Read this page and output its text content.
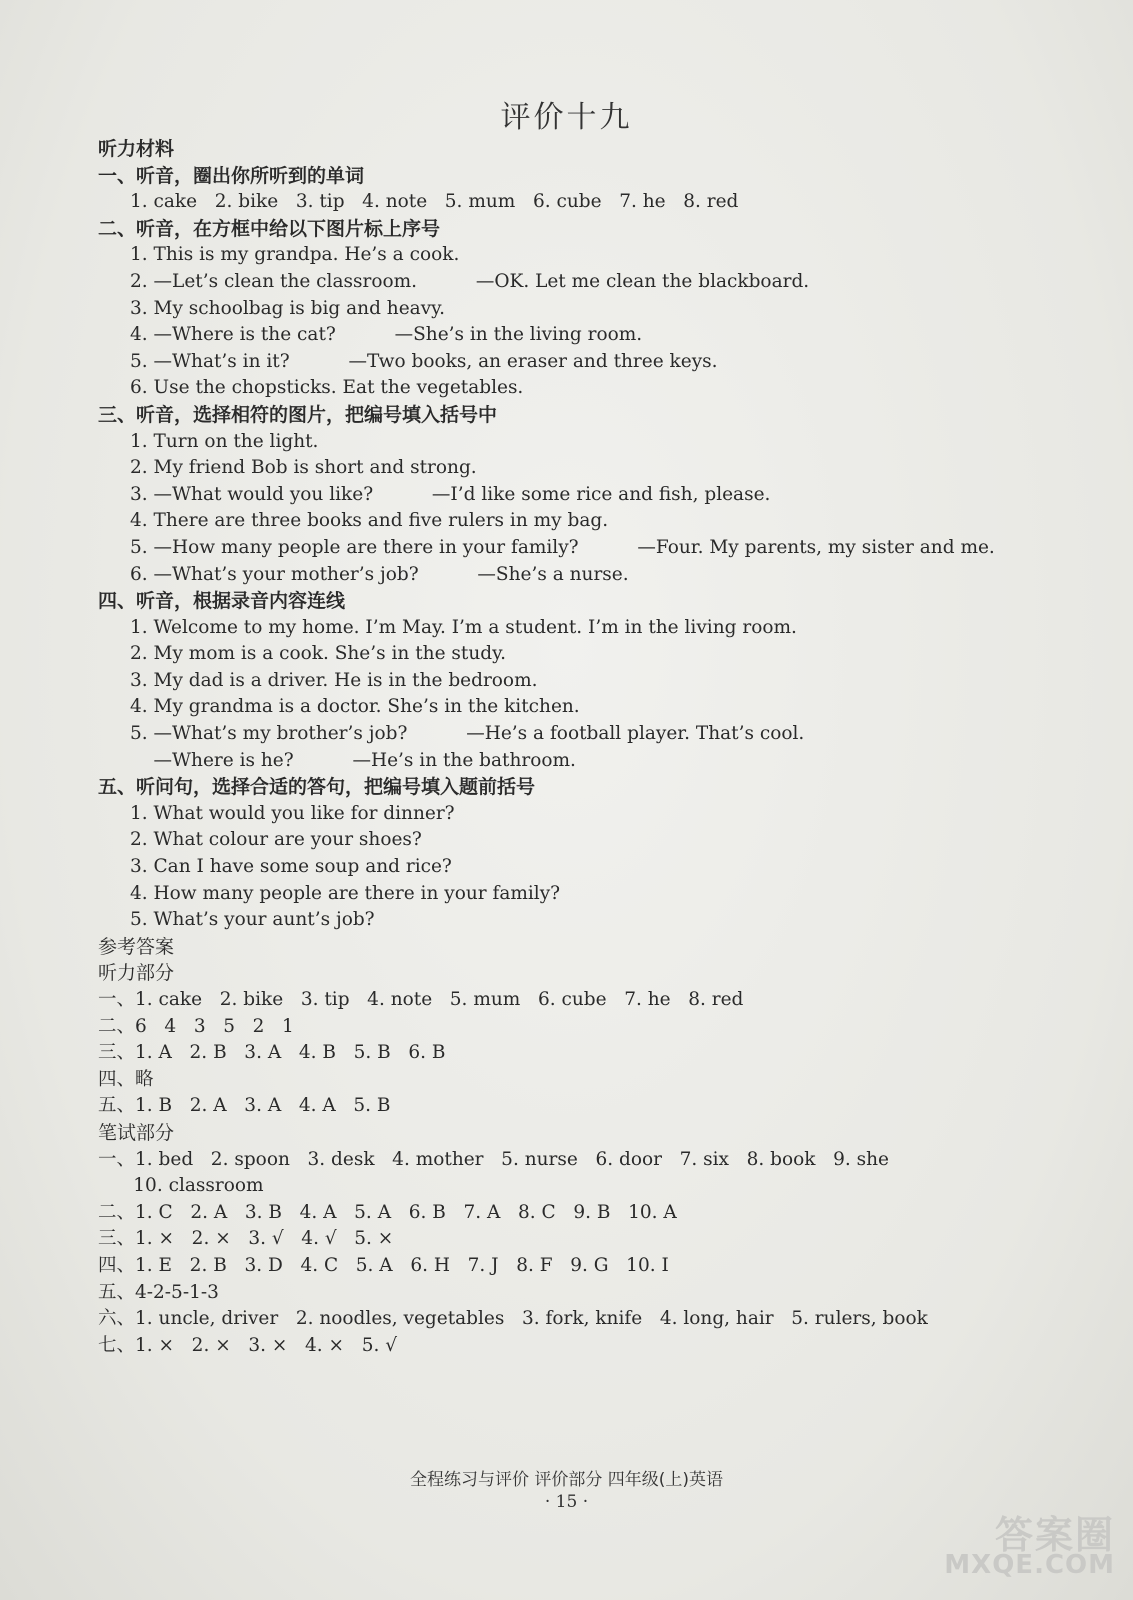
评价十九
听力材料
一、听音，圈出你所听到的单词
1. cake   2. bike   3. tip   4. note   5. mum   6. cube   7. he   8. red
二、听音，在方框中给以下图片标上序号
1. This is my grandpa. He’s a cook.
2. —Let’s clean the classroom.          —OK. Let me clean the blackboard.
3. My schoolbag is big and heavy.
4. —Where is the cat?          —She’s in the living room.
5. —What’s in it?          —Two books, an eraser and three keys.
6. Use the chopsticks. Eat the vegetables.
三、听音，选择相符的图片，把编号填入括号中
1. Turn on the light.
2. My friend Bob is short and strong.
3. —What would you like?          —I’d like some rice and fish, please.
4. There are three books and five rulers in my bag.
5. —How many people are there in your family?          —Four. My parents, my sister and me.
6. —What’s your mother’s job?          —She’s a nurse.
四、听音，根据录音内容连线
1. Welcome to my home. I’m May. I’m a student. I’m in the living room.
2. My mom is a cook. She’s in the study.
3. My dad is a driver. He is in the bedroom.
4. My grandma is a doctor. She’s in the kitchen.
5. —What’s my brother’s job?          —He’s a football player. That’s cool.
—Where is he?          —He’s in the bathroom.
五、听问句，选择合适的答句，把编号填入题前括号
1. What would you like for dinner?
2. What colour are your shoes?
3. Can I have some soup and rice?
4. How many people are there in your family?
5. What’s your aunt’s job?
参考答案
听力部分
一、1. cake   2. bike   3. tip   4. note   5. mum   6. cube   7. he   8. red
二、6   4   3   5   2   1
三、1. A   2. B   3. A   4. B   5. B   6. B
四、略
五、1. B   2. A   3. A   4. A   5. B
笔试部分
一、1. bed   2. spoon   3. desk   4. mother   5. nurse   6. door   7. six   8. book   9. she
10. classroom
二、1. C   2. A   3. B   4. A   5. A   6. B   7. A   8. C   9. B   10. A
三、1. ×   2. ×   3. √   4. √   5. ×
四、1. E   2. B   3. D   4. C   5. A   6. H   7. J   8. F   9. G   10. I
五、4-2-5-1-3
六、1. uncle, driver   2. noodles, vegetables   3. fork, knife   4. long, hair   5. rulers, book
七、1. ×   2. ×   3. ×   4. ×   5. √
全程练习与评价 评价部分 四年级(上)英语
· 15 ·
答案圈
MXQE.COM
